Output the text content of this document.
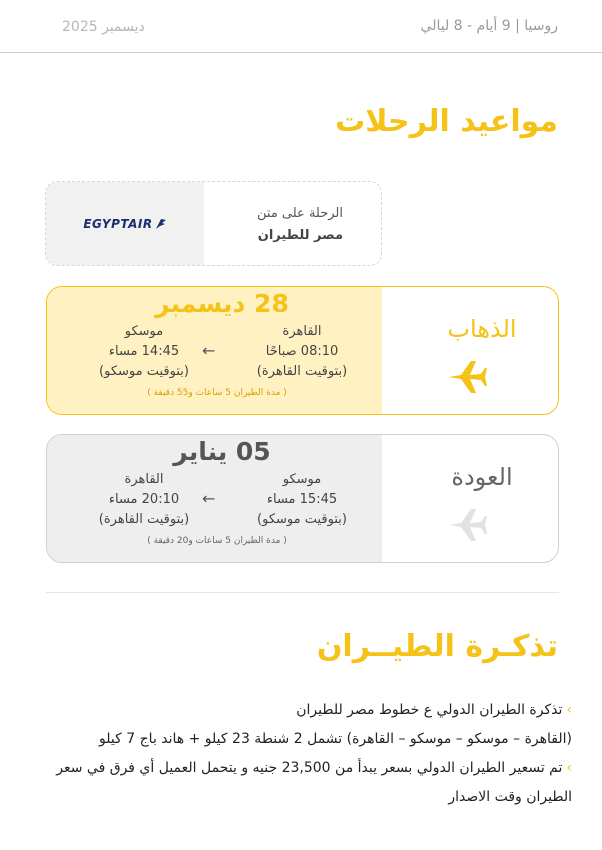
روسيا | 9 أيام - 8 ليالي
ديسمبر 2025
مواعيد الرحلات
EGYPTAIR
الرحلة على متن
مصر للطيران
28 ديسمبر
القاهرة
08:10 صباحًا
(بتوقيت القاهرة)
←
موسكو
14:45 مساء
(بتوقيت موسكو)
( مدة الطيران 5 ساعات و55 دقيقة )
الذهاب
05 يناير
موسكو
15:45 مساء
(بتوقيت موسكو)
←
القاهرة
20:10 مساء
(بتوقيت القاهرة)
( مدة الطيران 5 ساعات و20 دقيقة )
العودة
تذكـرة الطيــران
›تذكرة الطيران الدولي ع خطوط مصر للطيران
(القاهرة – موسكو – موسكو – القاهرة) تشمل 2 شنطة 23 كيلو + هاند باج 7 كيلو
›تم تسعير الطيران الدولي بسعر يبدأ من 23,500 جنيه و يتحمل العميل أي فرق في سعر الطيران وقت الاصدار
